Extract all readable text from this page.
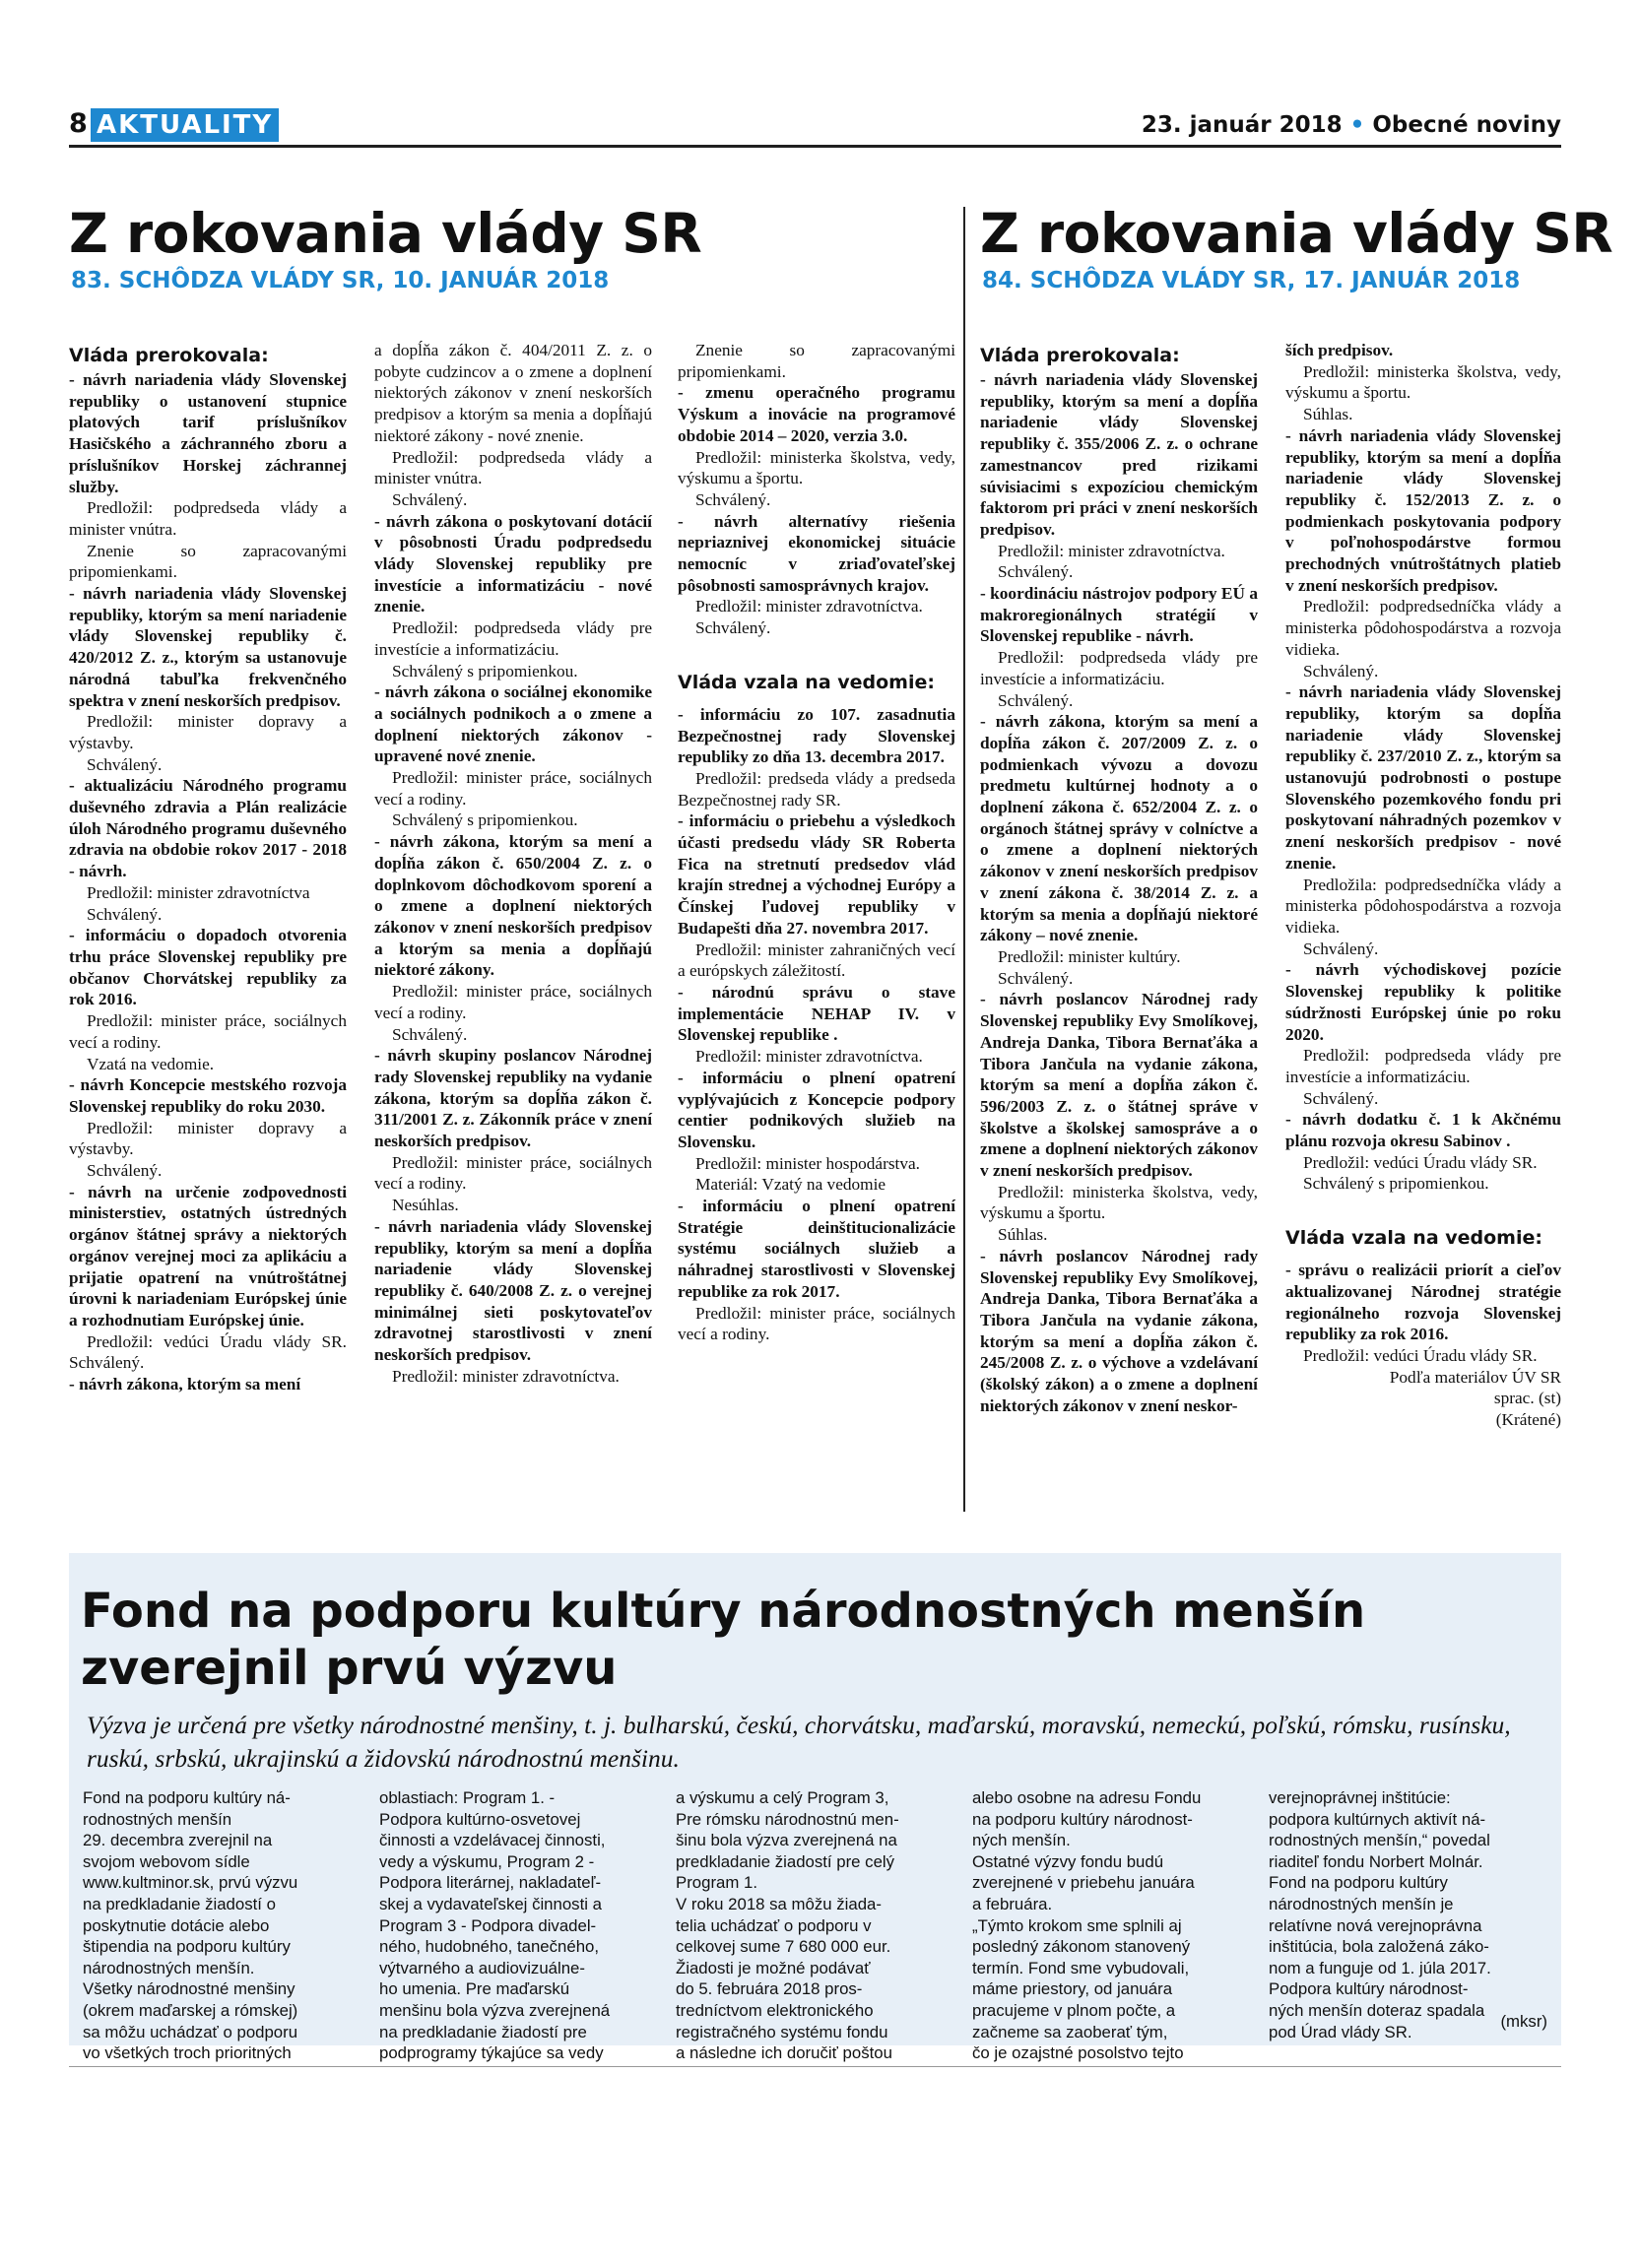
8 AKTUALITY	23. január 2018 • Obecné noviny
Z rokovania vlády SR
83. SCHÔDZA VLÁDY SR, 10. JANUÁR 2018
Z rokovania vlády SR
84. SCHÔDZA VLÁDY SR, 17. JANUÁR 2018

Vláda prerokovala:

- návrh nariadenia vlády Slovenskej republiky o ustanovení stupnice platových tarif príslušníkov Hasičského a záchranného zboru a príslušníkov Horskej záchrannej služby.

Predložil: podpredseda vlády a minister vnútra.

Znenie so zapracovanými pripomienkami.

- návrh nariadenia vlády Slovenskej republiky, ktorým sa mení nariadenie vlády Slovenskej republiky č. 420/2012 Z. z., ktorým sa ustanovuje národná tabuľka frekvenčného spektra v znení neskorších predpisov.

Predložil: minister dopravy a výstavby.

Schválený.

- aktualizáciu Národného programu duševného zdravia a Plán realizácie úloh Národného programu duševného zdravia na obdobie rokov 2017 - 2018 - návrh.

Predložil: minister zdravotníctva

Schválený.

- informáciu o dopadoch otvorenia trhu práce Slovenskej republiky pre občanov Chorvátskej republiky za rok 2016.

Predložil: minister práce, sociálnych vecí a rodiny.

Vzatá na vedomie.

- návrh Koncepcie mestského rozvoja Slovenskej republiky do roku 2030.

Predložil: minister dopravy a výstavby.

Schválený.

- návrh na určenie zodpovednosti ministerstiev, ostatných ústredných orgánov štátnej správy a niektorých orgánov verejnej moci za aplikáciu a prijatie opatrení na vnútroštátnej úrovni k nariadeniam Európskej únie a rozhodnutiam Európskej únie.

Predložil: vedúci Úradu vlády SR. Schválený.

- návrh zákona, ktorým sa mení

a dopĺňa zákon č. 404/2011 Z. z. o pobyte cudzincov a o zmene a doplnení niektorých zákonov v znení neskorších predpisov a ktorým sa menia a dopĺňajú niektoré zákony - nové znenie.

Predložil: podpredseda vlády a minister vnútra.

Schválený.

- návrh zákona o poskytovaní dotácií v pôsobnosti Úradu podpredsedu vlády Slovenskej republiky pre investície a informatizáciu - nové znenie.

Predložil: podpredseda vlády pre investície a informatizáciu.

Schválený s pripomienkou.

- návrh zákona o sociálnej ekonomike a sociálnych podnikoch a o zmene a doplnení niektorých zákonov - upravené nové znenie.

Predložil: minister práce, sociálnych vecí a rodiny.

Schválený s pripomienkou.

- návrh zákona, ktorým sa mení a dopĺňa zákon č. 650/2004 Z. z. o doplnkovom dôchodkovom sporení a o zmene a doplnení niektorých zákonov v znení neskorších predpisov a ktorým sa menia a dopĺňajú niektoré zákony.

Predložil: minister práce, sociálnych vecí a rodiny.

Schválený.

- návrh skupiny poslancov Národnej rady Slovenskej republiky na vydanie zákona, ktorým sa dopĺňa zákon č. 311/2001 Z. z. Zákonník práce v znení neskorších predpisov.

Predložil: minister práce, sociálnych vecí a rodiny.

Nesúhlas.

- návrh nariadenia vlády Slovenskej republiky, ktorým sa mení a dopĺňa nariadenie vlády Slovenskej republiky č. 640/2008 Z. z. o verejnej minimálnej sieti poskytovateľov zdravotnej starostlivosti v znení neskorších predpisov.

Predložil: minister zdravotníctva.

Znenie so zapracovanými pripomienkami.

- zmenu operačného programu Výskum a inovácie na programové obdobie 2014 – 2020, verzia 3.0.

Predložil: ministerka školstva, vedy, výskumu a športu.

Schválený.

- návrh alternatívy riešenia nepriaznivej ekonomickej situácie nemocníc v zriaďovateľskej pôsobnosti samosprávnych krajov.

Predložil: minister zdravotníctva.

Schválený.

Vláda vzala na vedomie:

- informáciu zo 107. zasadnutia Bezpečnostnej rady Slovenskej republiky zo dňa 13. decembra 2017.

Predložil: predseda vlády a predseda Bezpečnostnej rady SR.

- informáciu o priebehu a výsledkoch účasti predsedu vlády SR Roberta Fica na stretnutí predsedov vlád krajín strednej a východnej Európy a Čínskej ľudovej republiky v Budapešti dňa 27. novembra 2017.

Predložil: minister zahraničných vecí a európskych záležitostí.

- národnú správu o stave implementácie NEHAP IV. v Slovenskej republike .

Predložil: minister zdravotníctva.

- informáciu o plnení opatrení vyplývajúcich z Koncepcie podpory centier podnikových služieb na Slovensku.

Predložil: minister hospodárstva.

Materiál: Vzatý na vedomie

- informáciu o plnení opatrení Stratégie deinštitucionalizácie systému sociálnych služieb a náhradnej starostlivosti v Slovenskej republike za rok 2017.

Predložil: minister práce, sociálnych vecí a rodiny.

Vláda prerokovala:

- návrh nariadenia vlády Slovenskej republiky, ktorým sa mení a dopĺňa nariadenie vlády Slovenskej republiky č. 355/2006 Z. z. o ochrane zamestnancov pred rizikami súvisiacimi s expozíciou chemickým faktorom pri práci v znení neskorších predpisov.

Predložil: minister zdravotníctva.

Schválený.

- koordináciu nástrojov podpory EÚ a makroregionálnych stratégií v Slovenskej republike - návrh.

Predložil: podpredseda vlády pre investície a informatizáciu.

Schválený.

- návrh zákona, ktorým sa mení a dopĺňa zákon č. 207/2009 Z. z. o podmienkach vývozu a dovozu predmetu kultúrnej hodnoty a o doplnení zákona č. 652/2004 Z. z. o orgánoch štátnej správy v colníctve a o zmene a doplnení niektorých zákonov v znení neskorších predpisov v znení zákona č. 38/2014 Z. z. a ktorým sa menia a dopĺňajú niektoré zákony – nové znenie.

Predložil: minister kultúry.

Schválený.

- návrh poslancov Národnej rady Slovenskej republiky Evy Smolíkovej, Andreja Danka, Tibora Bernaťáka a Tibora Jančula na vydanie zákona, ktorým sa mení a dopĺňa zákon č. 596/2003 Z. z. o štátnej správe v školstve a školskej samospráve a o zmene a doplnení niektorých zákonov v znení neskorších predpisov.

Predložil: ministerka školstva, vedy, výskumu a športu.

Súhlas.

- návrh poslancov Národnej rady Slovenskej republiky Evy Smolíkovej, Andreja Danka, Tibora Bernaťáka a Tibora Jančula na vydanie zákona, ktorým sa mení a dopĺňa zákon č. 245/2008 Z. z. o výchove a vzdelávaní (školský zákon) a o zmene a doplnení niektorých zákonov v znení neskor-

ších predpisov.

Predložil: ministerka školstva, vedy, výskumu a športu.

Súhlas.

- návrh nariadenia vlády Slovenskej republiky, ktorým sa mení a dopĺňa nariadenie vlády Slovenskej republiky č. 152/2013 Z. z. o podmienkach poskytovania podpory v poľnohospodárstve formou prechodných vnútroštátnych platieb v znení neskorších predpisov.

Predložil: podpredsedníčka vlády a ministerka pôdohospodárstva a rozvoja vidieka.

Schválený.

- návrh nariadenia vlády Slovenskej republiky, ktorým sa dopĺňa nariadenie vlády Slovenskej republiky č. 237/2010 Z. z., ktorým sa ustanovujú podrobnosti o postupe Slovenského pozemkového fondu pri poskytovaní náhradných pozemkov v znení neskorších predpisov - nové znenie.

Predložila: podpredsedníčka vlády a ministerka pôdohospodárstva a rozvoja vidieka.

Schválený.

- návrh východiskovej pozície Slovenskej republiky k politike súdržnosti Európskej únie po roku 2020.

Predložil: podpredseda vlády pre investície a informatizáciu.

Schválený.

- návrh dodatku č. 1 k Akčnému plánu rozvoja okresu Sabinov .

Predložil: vedúci Úradu vlády SR.

Schválený s pripomienkou.

Vláda vzala na vedomie:

- správu o realizácii priorít a cieľov aktualizovanej Národnej stratégie regionálneho rozvoja Slovenskej republiky za rok 2016.

Predložil: vedúci Úradu vlády SR.

Podľa materiálov ÚV SR

sprac. (st)

(Krátené)

Fond na podporu kultúry národnostných menšín zverejnil prvú výzvu
Výzva je určená pre všetky národnostné menšiny, t. j. bulharskú, českú, chorvátsku, maďarskú, moravskú, nemeckú, poľskú, rómsku, rusínsku, ruskú, srbskú, ukrajinskú a židovskú národnostnú menšinu.

Fond na podporu kultúry ná-

rodnostných menšín

29. decembra zverejnil na

svojom webovom sídle

www.kultminor.sk, prvú výzvu

na predkladanie žiadostí o

poskytnutie dotácie alebo

štipendia na podporu kultúry

národnostných menšín.

Všetky národnostné menšiny

(okrem maďarskej a rómskej)

sa môžu uchádzať o podporu

vo všetkých troch prioritných

oblastiach: Program 1. -

Podpora kultúrno-osvetovej

činnosti a vzdelávacej činnosti,

vedy a výskumu, Program 2 -

Podpora literárnej, nakladateľ-

skej a vydavateľskej činnosti a

Program 3 - Podpora divadel-

ného, hudobného, tanečného,

výtvarného a audiovizuálne-

ho umenia. Pre maďarskú

menšinu bola výzva zverejnená

na predkladanie žiadostí pre

podprogramy týkajúce sa vedy

a výskumu a celý Program 3,

Pre rómsku národnostnú men-

šinu bola výzva zverejnená na

predkladanie žiadostí pre celý

Program 1.

V roku 2018 sa môžu žiada-

telia uchádzať o podporu v

celkovej sume 7 680 000 eur.

Žiadosti je možné podávať

do 5. februára 2018 pros-

tredníctvom elektronického

registračného systému fondu

a následne ich doručiť poštou

alebo osobne na adresu Fondu

na podporu kultúry národnost-

ných menšín.

Ostatné výzvy fondu budú

zverejnené v priebehu januára

a februára.

„Týmto krokom sme splnili aj

posledný zákonom stanovený

termín. Fond sme vybudovali,

máme priestory, od januára

pracujeme v plnom počte, a

začneme sa zaoberať tým,

čo je ozajstné posolstvo tejto

verejnoprávnej inštitúcie:

podpora kultúrnych aktivít ná-

rodnostných menšín,“ povedal

riaditeľ fondu Norbert Molnár.

Fond na podporu kultúry

národnostných menšín je

relatívne nová verejnoprávna

inštitúcia, bola založená záko-

nom a funguje od 1. júla 2017.

Podpora kultúry národnost-

ných menšín doteraz spadala

pod Úrad vlády SR.

(mksr)
